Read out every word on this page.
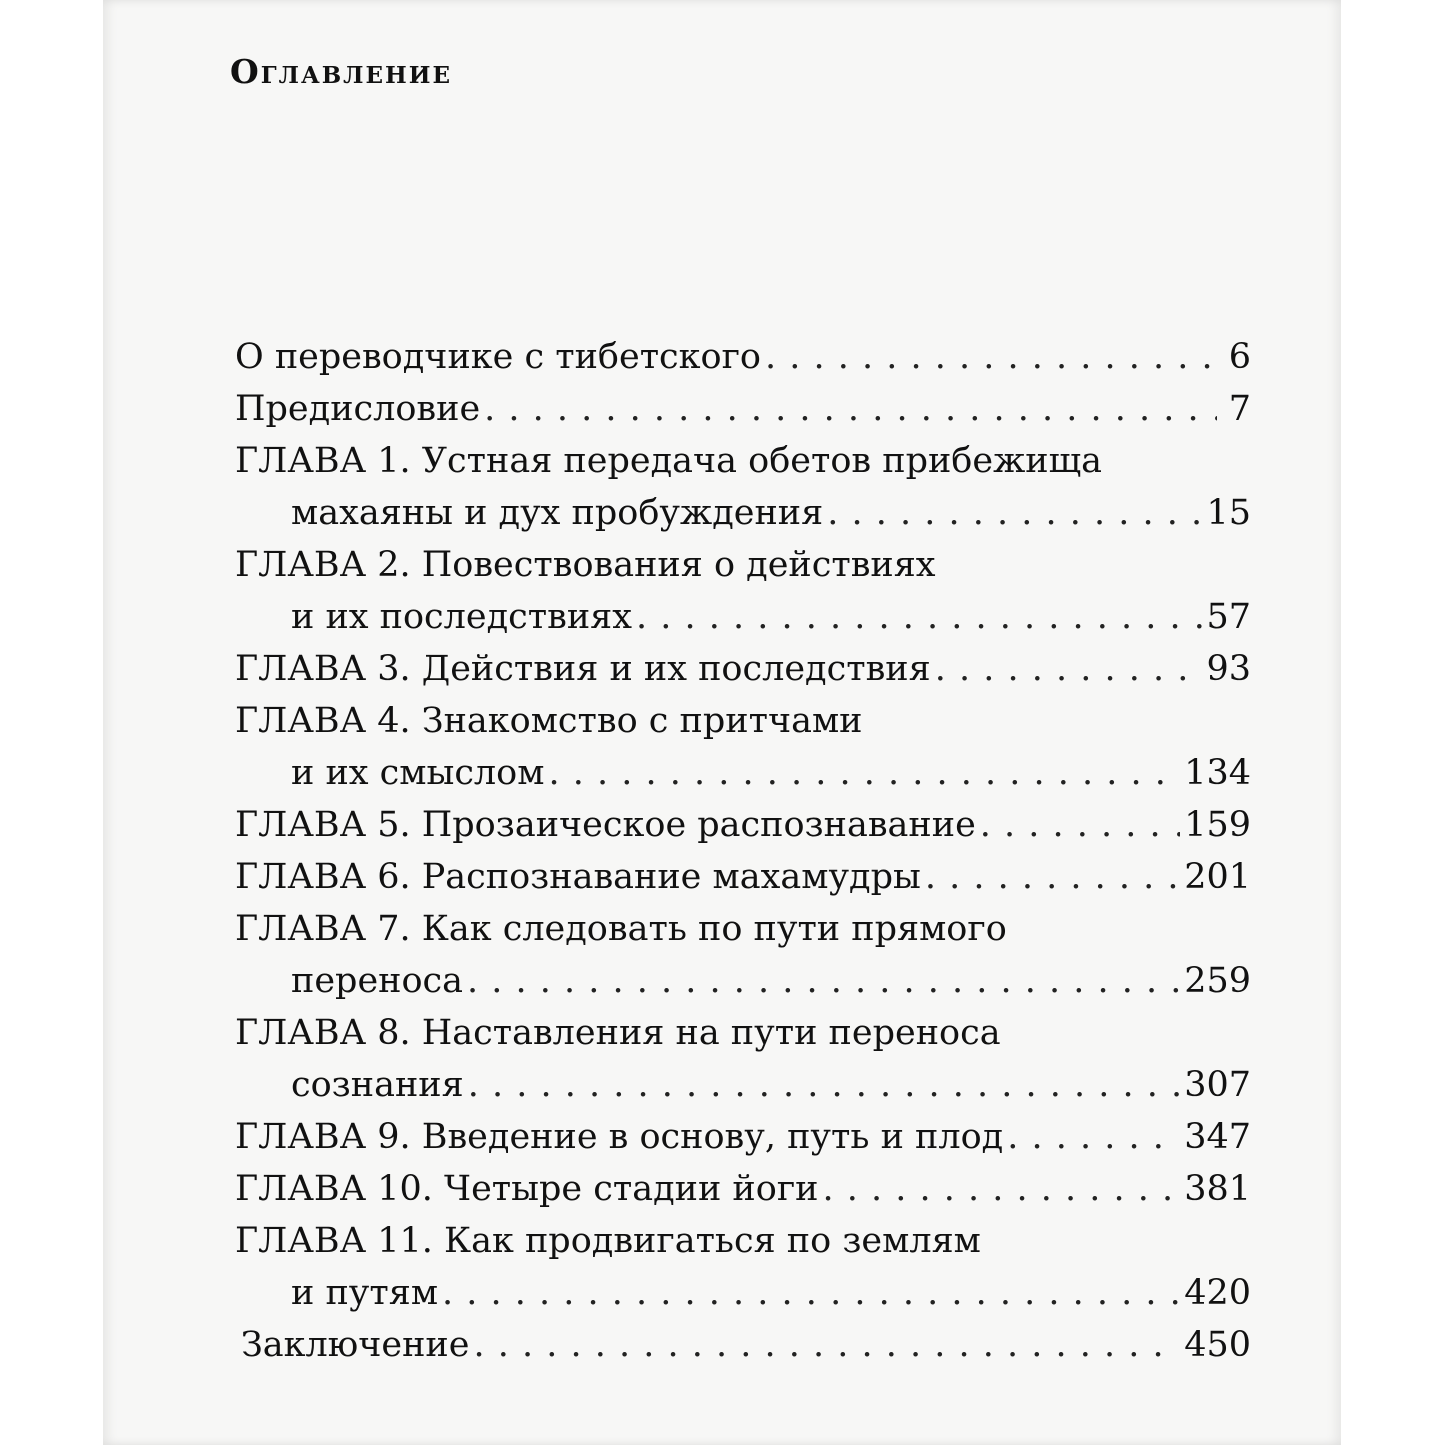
Оглавление
О переводчике с тибетского . . .	6
Предисловие . . .	7
ГЛАВА 1. Устная передача обетов прибежища
махаяны и дух пробуждения . . .	15
ГЛАВА 2. Повествования о действиях
и их последствиях . . .	57
ГЛАВА 3. Действия и их последствия . . .	93
ГЛАВА 4. Знакомство с притчами
и их смыслом . . .	134
ГЛАВА 5. Прозаическое распознавание . . .	159
ГЛАВА 6. Распознавание махамудры . . .	201
ГЛАВА 7. Как следовать по пути прямого
переноса . . .	259
ГЛАВА 8. Наставления на пути переноса
сознания . . .	307
ГЛАВА 9. Введение в основу, путь и плод . . .	347
ГЛАВА 10. Четыре стадии йоги . . .	381
ГЛАВА 11. Как продвигаться по землям
и путям . . .	420
Заключение . . .	450
